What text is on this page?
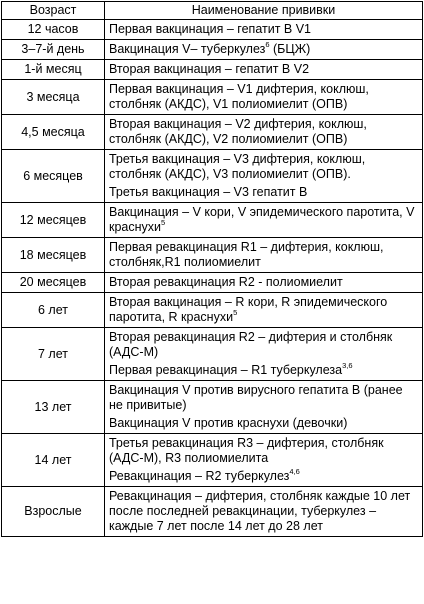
Возраст	Наименование прививки
12 часов	Первая вакцинация – гепатит В V1

3–7-й день	Вакцинация V– туберкулез$^6$ (БЦЖ)

1-й месяц	Вторая вакцинация – гепатит В V2

3 месяца	Первая вакцинация – V1 дифтерия, коклюш, столбняк (АКДС), V1 полиомиелит (ОПВ)

4,5 месяца	Вторая вакцинация – V2 дифтерия, коклюш, столбняк (АКДС), V2 полиомиелит (ОПВ)

6 месяцев	Третья вакцинация – V3 дифтерия, коклюш, столбняк (АКДС), V3 полиомиелит (ОПВ).
Третья вакцинация – V3 гепатит В

12 месяцев	Вакцинация – V кори, V эпидемического паротита, V краснухи$^5$

18 месяцев	Первая ревакцинация R1 – дифтерия, коклюш, столбняк,R1 полиомиелит

20 месяцев	Вторая ревакцинация R2 - полиомиелит

6 лет	Вторая вакцинация – R кори, R эпидемического паротита, R краснухи$^5$

7 лет	Вторая ревакцинация R2 – дифтерия и столбняк (АДС-М)
Первая ревакцинация – R1 туберкулеза$^{3,6}$

13 лет	Вакцинация V против вирусного гепатита В (ранее не привитые)
Вакцинация V против краснухи (девочки)

14 лет	Третья ревакцинация R3 – дифтерия, столбняк (АДС-М), R3 полиомиелита
Ревакцинация – R2 туберкулез$^{4,6}$

Взрослые	Ревакцинация – дифтерия, столбняк каждые 10 лет после последней ревакцинации, туберкулез – каждые 7 лет после 14 лет до 28 лет
